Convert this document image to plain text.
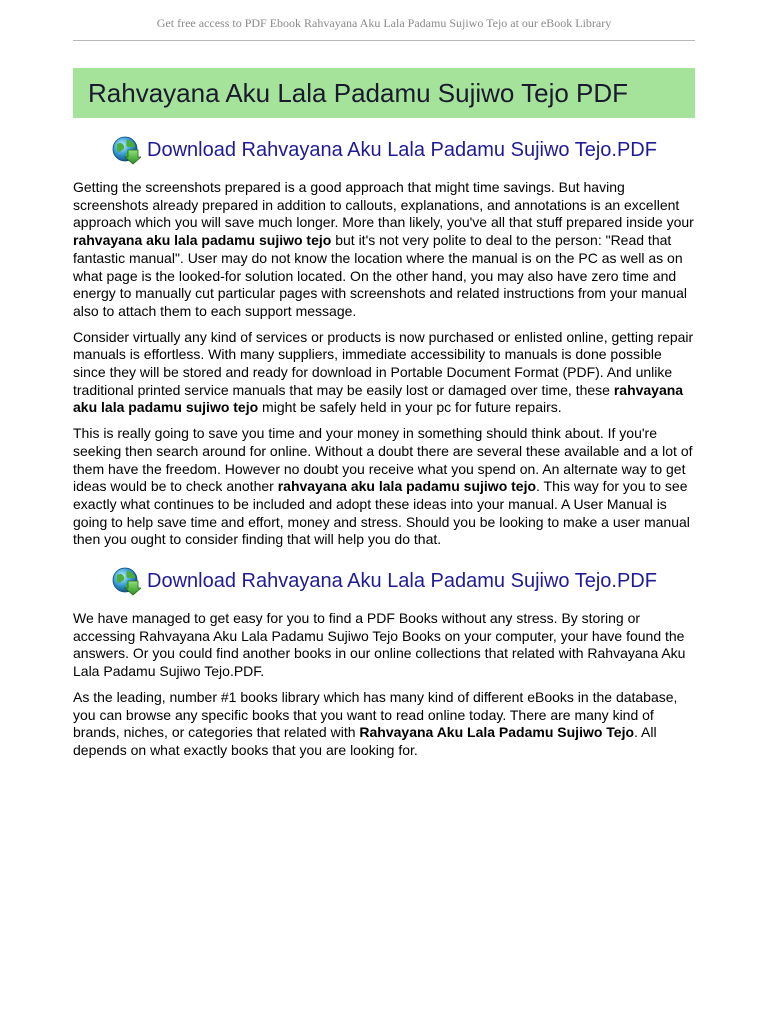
Get free access to PDF Ebook Rahvayana Aku Lala Padamu Sujiwo Tejo at our eBook Library
Rahvayana Aku Lala Padamu Sujiwo Tejo PDF
Download Rahvayana Aku Lala Padamu Sujiwo Tejo.PDF

Getting the screenshots prepared is a good approach that might time savings. But having screenshots already prepared in addition to callouts, explanations, and annotations is an excellent approach which you will save much longer. More than likely, you've all that stuff prepared inside your rahvayana aku lala padamu sujiwo tejo but it's not very polite to deal to the person: "Read that fantastic manual". User may do not know the location where the manual is on the PC as well as on what page is the looked-for solution located. On the other hand, you may also have zero time and energy to manually cut particular pages with screenshots and related instructions from your manual also to attach them to each support message.

Consider virtually any kind of services or products is now purchased or enlisted online, getting repair manuals is effortless. With many suppliers, immediate accessibility to manuals is done possible since they will be stored and ready for download in Portable Document Format (PDF). And unlike traditional printed service manuals that may be easily lost or damaged over time, these rahvayana aku lala padamu sujiwo tejo might be safely held in your pc for future repairs.

This is really going to save you time and your money in something should think about. If you're seeking then search around for online. Without a doubt there are several these available and a lot of them have the freedom. However no doubt you receive what you spend on. An alternate way to get ideas would be to check another rahvayana aku lala padamu sujiwo tejo. This way for you to see exactly what continues to be included and adopt these ideas into your manual. A User Manual is going to help save time and effort, money and stress. Should you be looking to make a user manual then you ought to consider finding that will help you do that.

Download Rahvayana Aku Lala Padamu Sujiwo Tejo.PDF

We have managed to get easy for you to find a PDF Books without any stress. By storing or accessing Rahvayana Aku Lala Padamu Sujiwo Tejo Books on your computer, your have found the answers. Or you could find another books in our online collections that related with Rahvayana Aku Lala Padamu Sujiwo Tejo.PDF.

As the leading, number #1 books library which has many kind of different eBooks in the database, you can browse any specific books that you want to read online today. There are many kind of brands, niches, or categories that related with Rahvayana Aku Lala Padamu Sujiwo Tejo. All depends on what exactly books that you are looking for.
